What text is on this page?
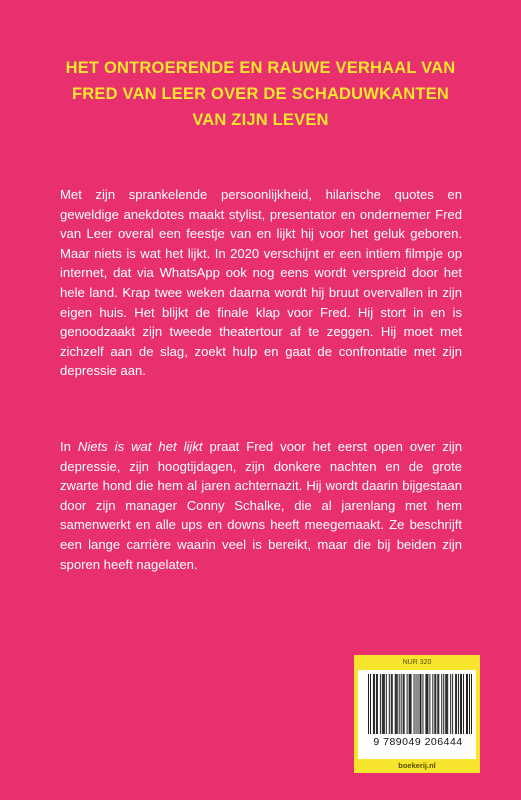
HET ONTROERENDE EN RAUWE VERHAAL VAN
FRED VAN LEER OVER DE SCHADUWKANTEN
VAN ZIJN LEVEN
Met zijn sprankelende persoonlijkheid, hilarische quotes en geweldige anekdotes maakt stylist, presentator en ondernemer Fred van Leer overal een feestje van en lijkt hij voor het geluk geboren. Maar niets is wat het lijkt. In 2020 verschijnt er een intiem filmpje op internet, dat via WhatsApp ook nog eens wordt verspreid door het hele land. Krap twee weken daarna wordt hij bruut overvallen in zijn eigen huis. Het blijkt de finale klap voor Fred. Hij stort in en is genoodzaakt zijn tweede theatertour af te zeggen. Hij moet met zichzelf aan de slag, zoekt hulp en gaat de confrontatie met zijn depressie aan.
In Niets is wat het lijkt praat Fred voor het eerst open over zijn depressie, zijn hoogtijdagen, zijn donkere nachten en de grote zwarte hond die hem al jaren achternazit. Hij wordt daarin bijgestaan door zijn manager Conny Schalke, die al jarenlang met hem samenwerkt en alle ups en downs heeft meegemaakt. Ze beschrijft een lange carrière waarin veel is bereikt, maar die bij beiden zijn sporen heeft nagelaten.
NUR 320
9 789049 206444
boekerij.nl
